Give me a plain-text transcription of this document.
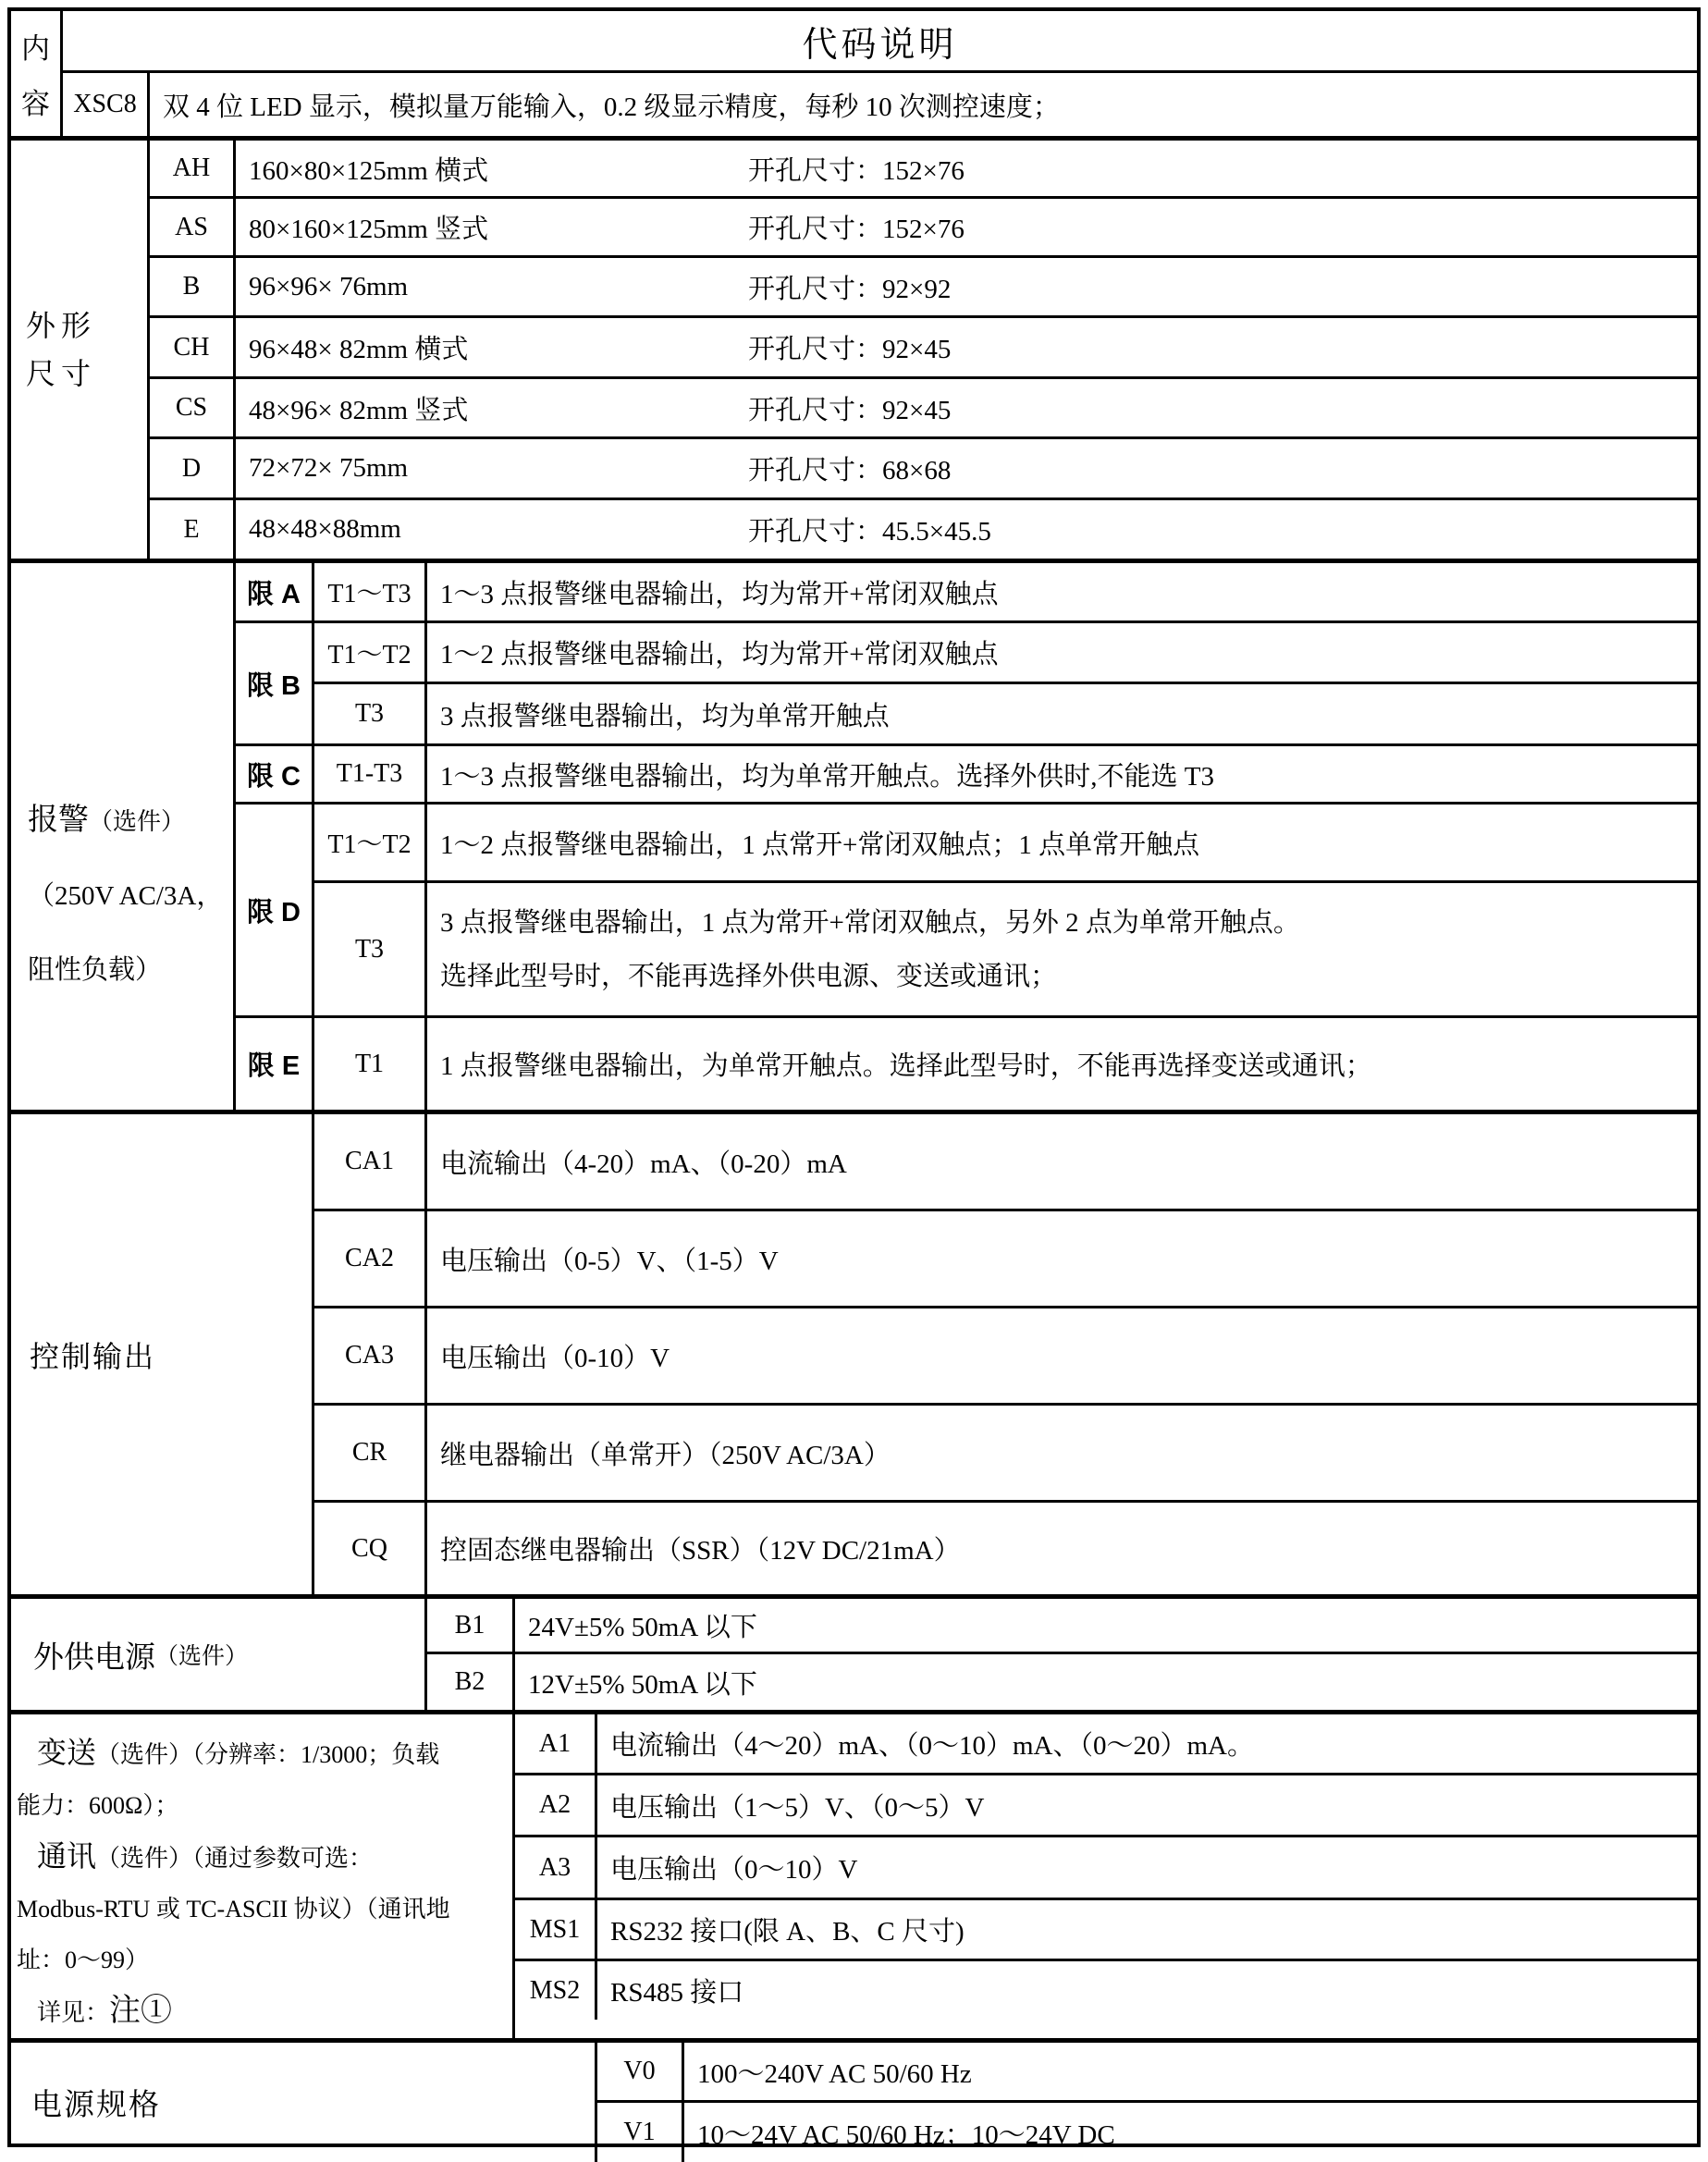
内
容
代码说明
XSC8 双 4 位 LED 显示，模拟量万能输入，0.2 级显示精度，每秒 10 次测控速度；
外形
尺寸
AH	160×80×125mm 横式	开孔尺寸：152×76
AS	80×160×125mm 竖式	开孔尺寸：152×76
B	96×96× 76mm	开孔尺寸：92×92
CH	96×48× 82mm 横式	开孔尺寸：92×45
CS	48×96× 82mm 竖式	开孔尺寸：92×45
D	72×72× 75mm	开孔尺寸：68×68
E	48×48×88mm	开孔尺寸：45.5×45.5
报警（选件）
（250V AC/3A，
阻性负载）
限 A	T1～T3	1～3 点报警继电器输出，均为常开+常闭双触点
限 B
T1～T2	1～2 点报警继电器输出，均为常开+常闭双触点
T3	3 点报警继电器输出，均为单常开触点
限 C	T1-T3	1～3 点报警继电器输出，均为单常开触点。选择外供时,不能选 T3
限 D
T1～T2	1～2 点报警继电器输出，1 点常开+常闭双触点；1 点单常开触点
T3
3 点报警继电器输出，1 点为常开+常闭双触点，另外 2 点为单常开触点。
选择此型号时，不能再选择外供电源、变送或通讯；
限 E	T1	1 点报警继电器输出，为单常开触点。选择此型号时，不能再选择变送或通讯；
控制输出
CA1	电流输出（4-20）mA、（0-20）mA
CA2	电压输出（0-5）V、（1-5）V
CA3	电压输出（0-10）V
CR	继电器输出（单常开）（250V AC/3A）
CQ	控固态继电器输出（SSR）（12V DC/21mA）
外供电源 （选件）
B1	24V±5% 50mA 以下
B2	12V±5% 50mA 以下
变送（选件）（分辨率：1/3000；负载
能力：600Ω）；
通讯（选件）（通过参数可选：
Modbus-RTU 或 TC-ASCII 协议）（通讯地
址：0～99）
详见：注①
A1	电流输出（4～20）mA、（0～10）mA、（0～20）mA。
A2	电压输出（1～5）V、（0～5）V
A3	电压输出（0～10）V
MS1	RS232 接口(限 A、B、C 尺寸)
MS2	RS485 接口
电源规格
V0	100～240V AC 50/60 Hz
V1	10～24V AC 50/60 Hz；10～24V DC
